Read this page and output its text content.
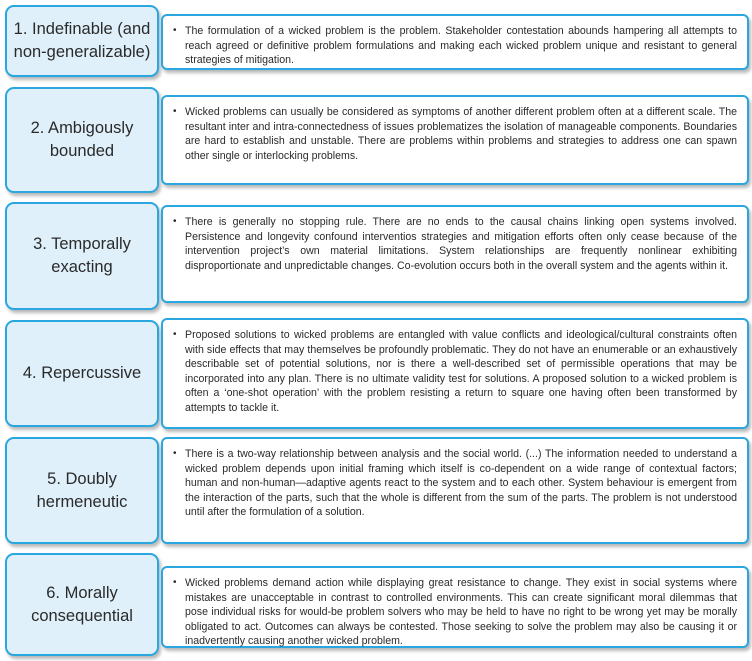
1. Indefinable (and non-generalizable)
• The formulation of a wicked problem is the problem. Stakeholder contestation abounds hampering all attempts to reach agreed or definitive problem formulations and making each wicked problem unique and resistant to general strategies of mitigation.
2. Ambigously bounded
• Wicked problems can usually be considered as symptoms of another different problem often at a different scale. The resultant inter and intra-connectedness of issues problematizes the isolation of manageable components. Boundaries are hard to establish and unstable. There are problems within problems and strategies to address one can spawn other single or interlocking problems.
3. Temporally exacting
• There is generally no stopping rule. There are no ends to the causal chains linking open systems involved. Persistence and longevity confound interventios strategies and mitigation efforts often only cease because of the intervention project’s own material limitations. System relationships are frequently nonlinear exhibiting disproportionate and unpredictable changes. Co-evolution occurs both in the overall system and the agents within it.
4. Repercussive
• Proposed solutions to wicked problems are entangled with value conflicts and ideological/cultural constraints often with side effects that may themselves be profoundly problematic. They do not have an enumerable or an exhaustively describable set of potential solutions, nor is there a well-described set of permissible operations that may be incorporated into any plan. There is no ultimate validity test for solutions. A proposed solution to a wicked problem is often a ‘one-shot operation’ with the problem resisting a return to square one having often been transformed by attempts to tackle it.
5. Doubly hermeneutic
• There is a two-way relationship between analysis and the social world. (...) The information needed to understand a wicked problem depends upon initial framing which itself is co-dependent on a wide range of contextual factors; human and non-human—adaptive agents react to the system and to each other. System behaviour is emergent from the interaction of the parts, such that the whole is different from the sum of the parts. The problem is not understood until after the formulation of a solution.
6. Morally consequential
• Wicked problems demand action while displaying great resistance to change. They exist in social systems where mistakes are unacceptable in contrast to controlled environments. This can create significant moral dilemmas that pose individual risks for would-be problem solvers who may be held to have no right to be wrong yet may be morally obligated to act. Outcomes can always be contested. Those seeking to solve the problem may also be causing it or inadvertently causing another wicked problem.
